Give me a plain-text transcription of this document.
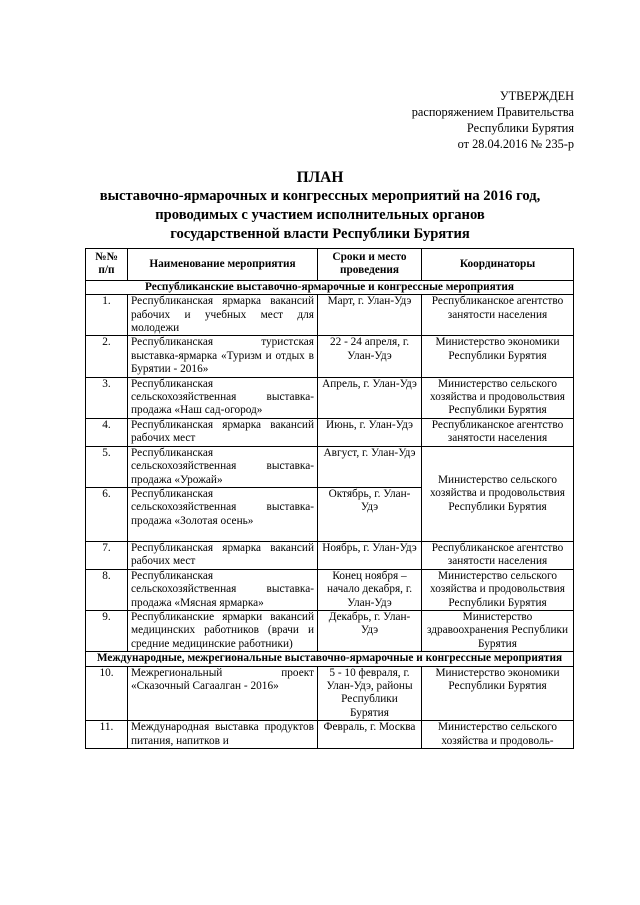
УТВЕРЖДЕН
распоряжением Правительства
Республики Бурятия
от 28.04.2016 № 235-р
ПЛАН
выставочно-ярмарочных и конгрессных мероприятий на 2016 год,
проводимых с участием исполнительных органов
государственной власти Республики Бурятия
№№ п/п	Наименование мероприятия	Сроки и место проведения	Координаторы
Республиканские выставочно-ярмарочные и конгрессные мероприятия			
1.	Республиканская ярмарка вакансий рабочих и учебных мест для молодежи	Март, г. Улан-Удэ	Республиканское агентство занятости населения
2.	Республиканская туристская выставка-ярмарка «Туризм и отдых в Бурятии - 2016»	22 - 24 апреля, г. Улан-Удэ	Министерство экономики Республики Бурятия
3.	Республиканская сельскохозяйственная выставка-продажа «Наш сад-огород»	Апрель, г. Улан-Удэ	Министерство сельского хозяйства и продовольствия Республики Бурятия
4.	Республиканская ярмарка вакансий рабочих мест	Июнь, г. Улан-Удэ	Республиканское агентство занятости населения
5.	Республиканская сельскохозяйственная выставка-продажа «Урожай»	Август, г. Улан-Удэ	Министерство сельского хозяйства и продовольствия Республики Бурятия
6.	Республиканская сельскохозяйственная выставка-продажа «Золотая осень»	Октябрь, г. Улан-Удэ	
7.	Республиканская ярмарка вакансий рабочих мест	Ноябрь, г. Улан-Удэ	Республиканское агентство занятости населения
8.	Республиканская сельскохозяйственная выставка-продажа «Мясная ярмарка»	Конец ноября – начало декабря, г. Улан-Удэ	Министерство сельского хозяйства и продовольствия Республики Бурятия
9.	Республиканские ярмарки вакансий медицинских работников (врачи и средние медицинские работники)	Декабрь, г. Улан-Удэ	Министерство здравоохранения Республики Бурятия
Международные, межрегиональные выставочно-ярмарочные и конгрессные мероприятия			
10.	Межрегиональный проект «Сказочный Сагаалган - 2016»	5 - 10 февраля, г. Улан-Удэ, районы Республики Бурятия	Министерство экономики Республики Бурятия
11.	Международная выставка продуктов питания, напитков и	Февраль, г. Москва	Министерство сельского хозяйства и продоволь-
